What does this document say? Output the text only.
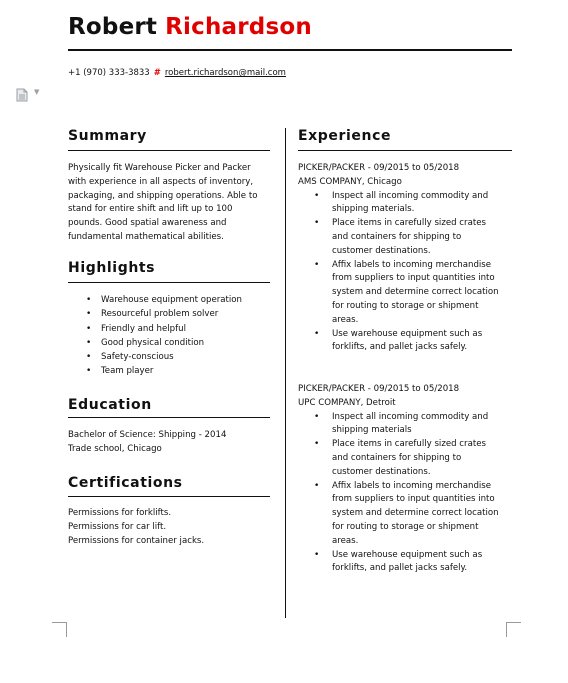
Robert Richardson
+1 (970) 333-3833 # robert.richardson@mail.com
▼
Summary
Physically fit Warehouse Picker and Packer
with experience in all aspects of inventory,
packaging, and shipping operations. Able to
stand for entire shift and lift up to 100
pounds. Good spatial awareness and
fundamental mathematical abilities.
Highlights
• Warehouse equipment operation
• Resourceful problem solver
• Friendly and helpful
• Good physical condition
• Safety-conscious
• Team player
Education
Bachelor of Science: Shipping - 2014
Trade school, Chicago
Certifications
Permissions for forklifts.
Permissions for car lift.
Permissions for container jacks.
Experience
PICKER/PACKER - 09/2015 to 05/2018
AMS COMPANY, Chicago
• Inspect all incoming commodity and
shipping materials.
• Place items in carefully sized crates
and containers for shipping to
customer destinations.
• Affix labels to incoming merchandise
from suppliers to input quantities into
system and determine correct location
for routing to storage or shipment
areas.
• Use warehouse equipment such as
forklifts, and pallet jacks safely.
PICKER/PACKER - 09/2015 to 05/2018
UPC COMPANY, Detroit
• Inspect all incoming commodity and
shipping materials
• Place items in carefully sized crates
and containers for shipping to
customer destinations.
• Affix labels to incoming merchandise
from suppliers to input quantities into
system and determine correct location
for routing to storage or shipment
areas.
• Use warehouse equipment such as
forklifts, and pallet jacks safely.
